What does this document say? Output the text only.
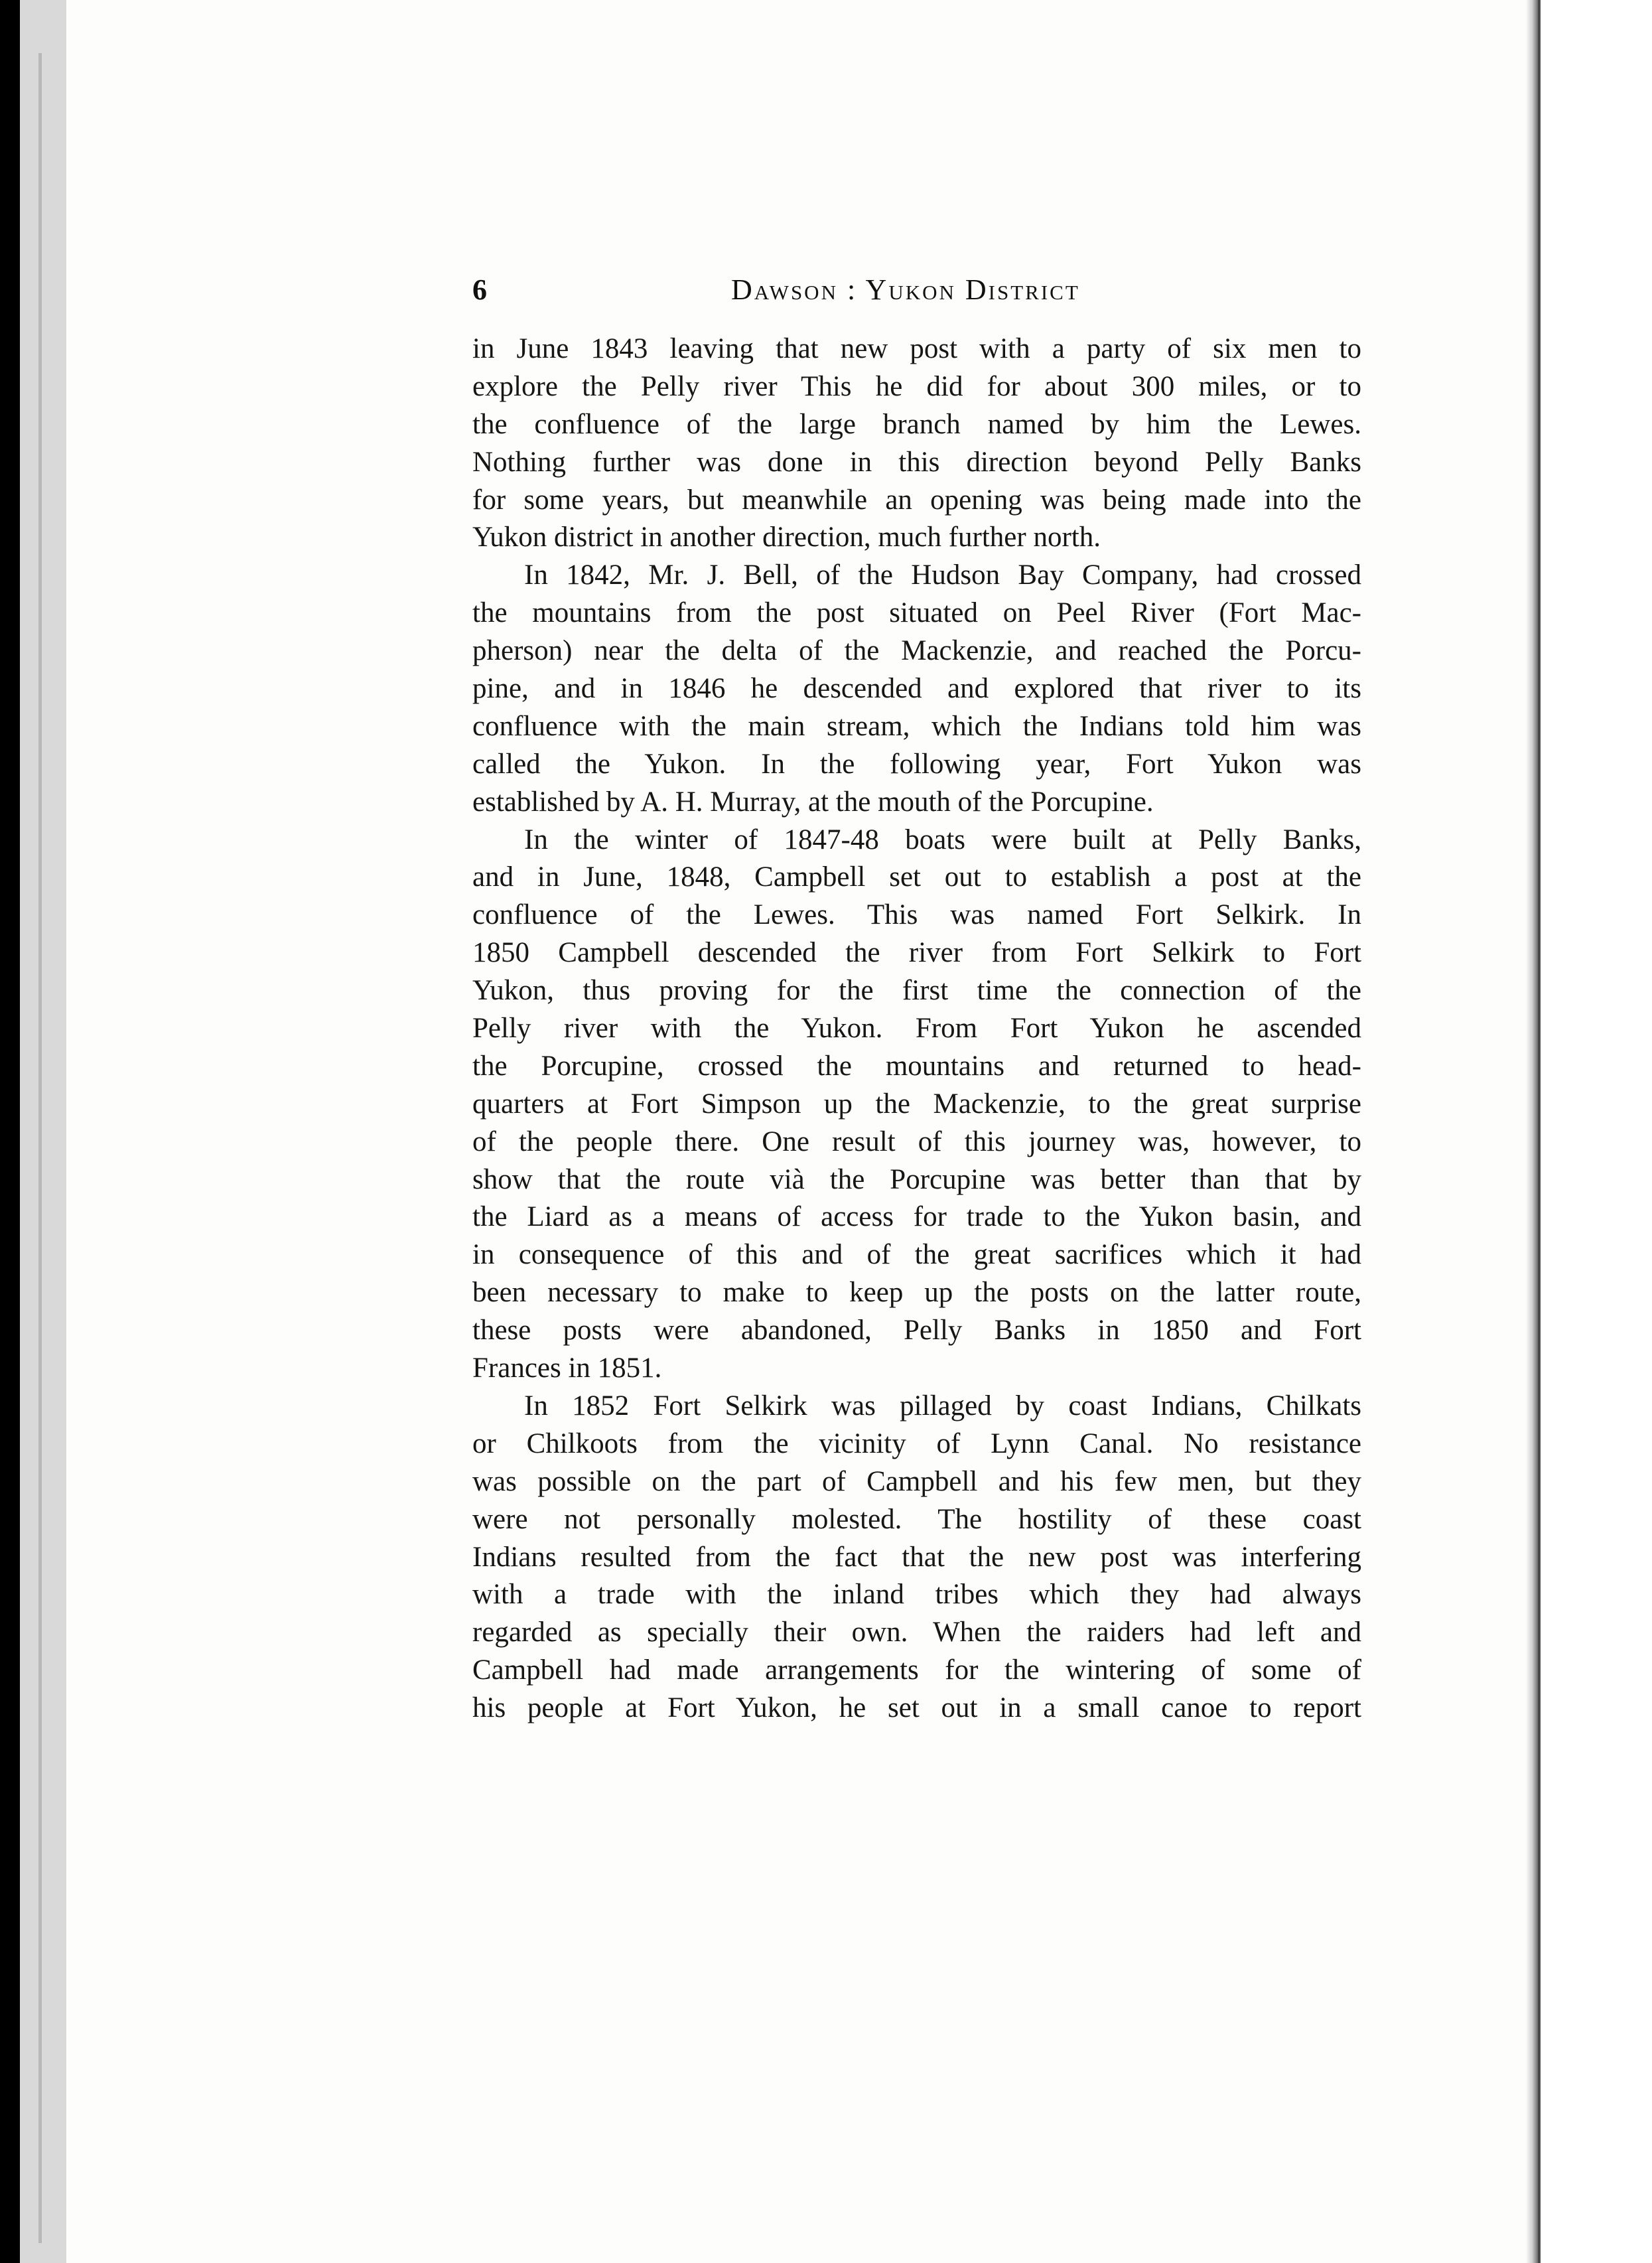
6	Dawson : Yukon District
in June 1843 leaving that new post with a party of six men to
explore the Pelly river This he did for about 300 miles, or to
the confluence of the large branch named by him the Lewes.
Nothing further was done in this direction beyond Pelly Banks
for some years, but meanwhile an opening was being made into the
Yukon district in another direction, much further north.
In 1842, Mr. J. Bell, of the Hudson Bay Company, had crossed
the mountains from the post situated on Peel River (Fort Mac-
pherson) near the delta of the Mackenzie, and reached the Porcu-
pine, and in 1846 he descended and explored that river to its
confluence with the main stream, which the Indians told him was
called the Yukon. In the following year, Fort Yukon was
established by A. H. Murray, at the mouth of the Porcupine.
In the winter of 1847-48 boats were built at Pelly Banks,
and in June, 1848, Campbell set out to establish a post at the
confluence of the Lewes. This was named Fort Selkirk. In
1850 Campbell descended the river from Fort Selkirk to Fort
Yukon, thus proving for the first time the connection of the
Pelly river with the Yukon. From Fort Yukon he ascended
the Porcupine, crossed the mountains and returned to head-
quarters at Fort Simpson up the Mackenzie, to the great surprise
of the people there. One result of this journey was, however, to
show that the route vià the Porcupine was better than that by
the Liard as a means of access for trade to the Yukon basin, and
in consequence of this and of the great sacrifices which it had
been necessary to make to keep up the posts on the latter route,
these posts were abandoned, Pelly Banks in 1850 and Fort
Frances in 1851.
In 1852 Fort Selkirk was pillaged by coast Indians, Chilkats
or Chilkoots from the vicinity of Lynn Canal. No resistance
was possible on the part of Campbell and his few men, but they
were not personally molested. The hostility of these coast
Indians resulted from the fact that the new post was interfering
with a trade with the inland tribes which they had always
regarded as specially their own. When the raiders had left and
Campbell had made arrangements for the wintering of some of
his people at Fort Yukon, he set out in a small canoe to report
